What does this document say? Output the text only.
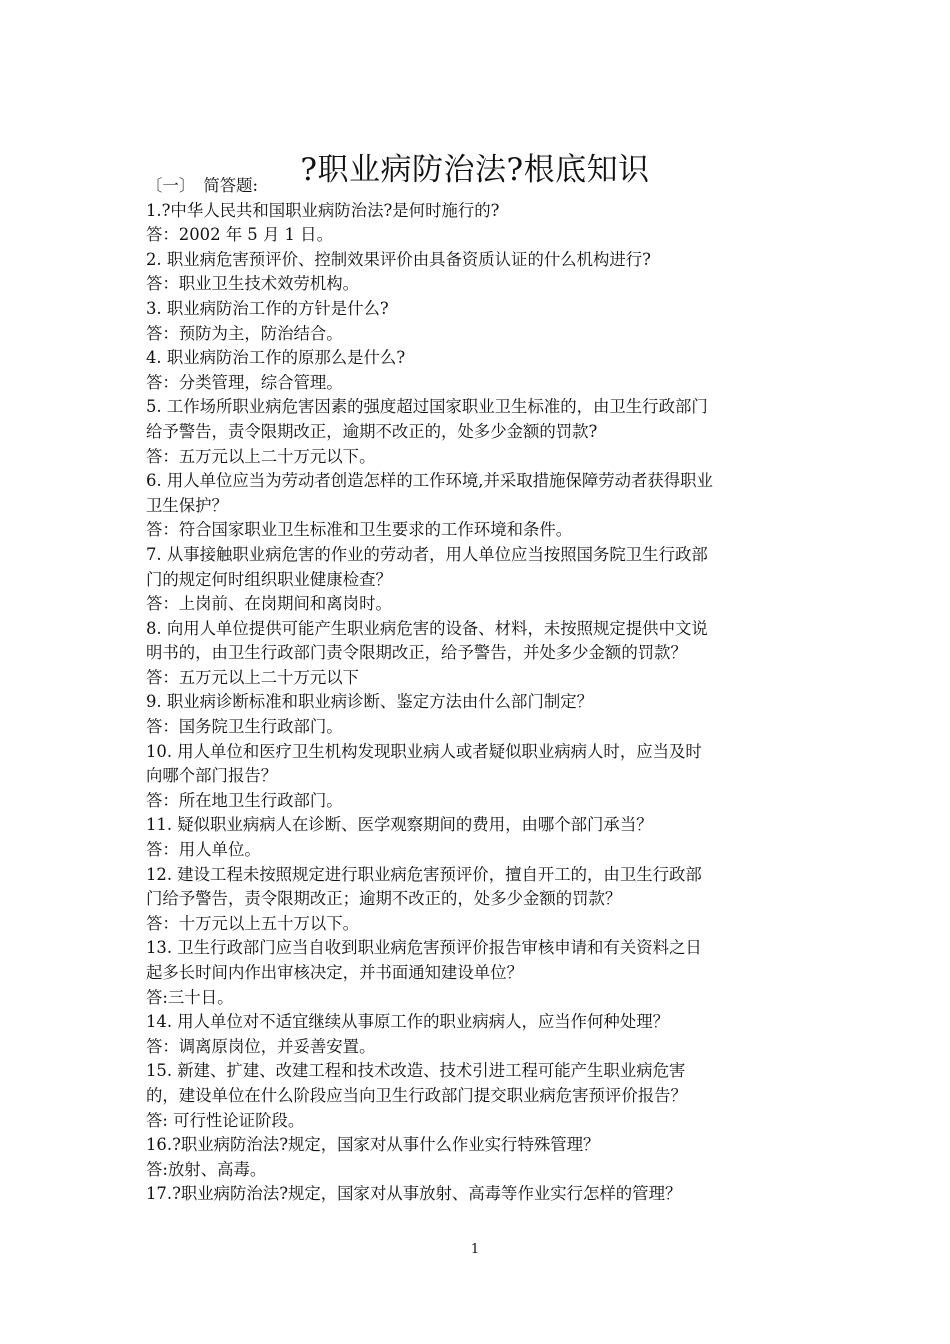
?职业病防治法?根底知识
〔一〕　简答题:
1.?中华人民共和国职业病防治法?是何时施行的?
答：2002 年 5 月 1 日。
2. 职业病危害预评价、控制效果评价由具备资质认证的什么机构进行?
答：职业卫生技术效劳机构。
3. 职业病防治工作的方针是什么?
答：预防为主，防治结合。
4. 职业病防治工作的原那么是什么?
答：分类管理，综合管理。
5. 工作场所职业病危害因素的强度超过国家职业卫生标准的，由卫生行政部门
给予警告，责令限期改正，逾期不改正的，处多少金额的罚款?
答：五万元以上二十万元以下。
6. 用人单位应当为劳动者创造怎样的工作环境,并采取措施保障劳动者获得职业
卫生保护？
答：符合国家职业卫生标准和卫生要求的工作环境和条件。
7. 从事接触职业病危害的作业的劳动者，用人单位应当按照国务院卫生行政部
门的规定何时组织职业健康检查？
答：上岗前、在岗期间和离岗时。
8. 向用人单位提供可能产生职业病危害的设备、材料，未按照规定提供中文说
明书的，由卫生行政部门责令限期改正，给予警告，并处多少金额的罚款？
答：五万元以上二十万元以下
9. 职业病诊断标准和职业病诊断、鉴定方法由什么部门制定？
答：国务院卫生行政部门。
10. 用人单位和医疗卫生机构发现职业病人或者疑似职业病病人时，应当及时
向哪个部门报告？
答：所在地卫生行政部门。
11. 疑似职业病病人在诊断、医学观察期间的费用，由哪个部门承当？
答：用人单位。
12. 建设工程未按照规定进行职业病危害预评价，擅自开工的，由卫生行政部
门给予警告，责令限期改正；逾期不改正的，处多少金额的罚款？
答：十万元以上五十万以下。
13. 卫生行政部门应当自收到职业病危害预评价报告审核申请和有关资料之日
起多长时间内作出审核决定，并书面通知建设单位？
答:三十日。
14. 用人单位对不适宜继续从事原工作的职业病病人，应当作何种处理？
答：调离原岗位，并妥善安置。
15. 新建、扩建、改建工程和技术改造、技术引进工程可能产生职业病危害
的，建设单位在什么阶段应当向卫生行政部门提交职业病危害预评价报告？
答: 可行性论证阶段。
16.?职业病防治法?规定，国家对从事什么作业实行特殊管理？
答:放射、高毒。
17.?职业病防治法?规定，国家对从事放射、高毒等作业实行怎样的管理？
1
